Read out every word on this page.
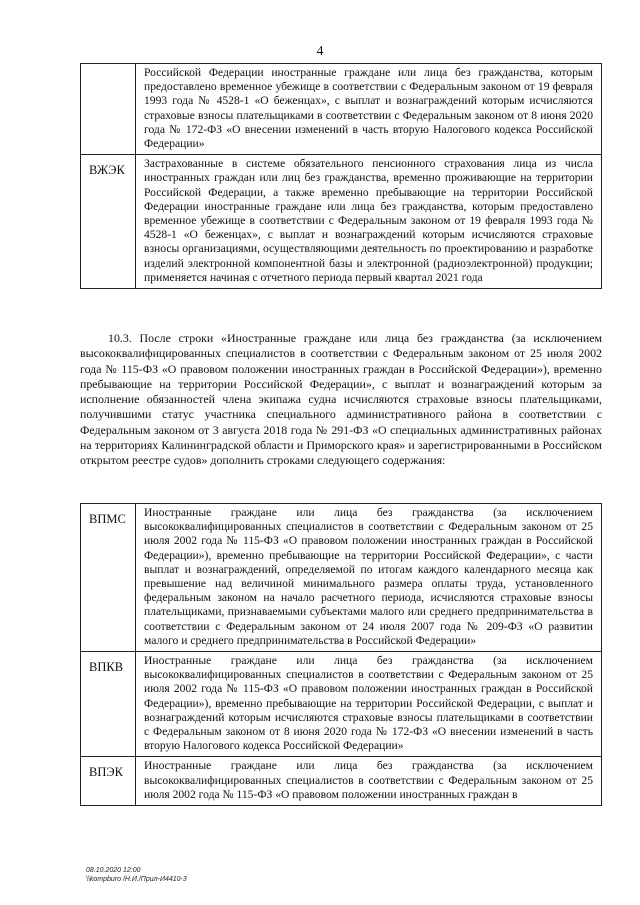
4
	Российской Федерации иностранные граждане или лица без гражданства, которым предоставлено временное убежище в соответствии с Федеральным законом от 19 февраля 1993 года № 4528-1 «О беженцах», с выплат и вознаграждений которым исчисляются страховые взносы плательщиками в соответствии с Федеральным законом от 8 июня 2020 года № 172-ФЗ «О внесении изменений в часть вторую Налогового кодекса Российской Федерации»
ВЖЭК	Застрахованные в системе обязательного пенсионного страхования лица из числа иностранных граждан или лиц без гражданства, временно проживающие на территории Российской Федерации, а также временно пребывающие на территории Российской Федерации иностранные граждане или лица без гражданства, которым предоставлено временное убежище в соответствии с Федеральным законом от 19 февраля 1993 года № 4528-1 «О беженцах», с выплат и вознаграждений которым исчисляются страховые взносы организациями, осуществляющими деятельность по проектированию и разработке изделий электронной компонентной базы и электронной (радиоэлектронной) продукции; применяется начиная с отчетного периода первый квартал 2021 года
10.3. После строки «Иностранные граждане или лица без гражданства (за исключением высококвалифицированных специалистов в соответствии с Федеральным законом от 25 июля 2002 года № 115-ФЗ «О правовом положении иностранных граждан в Российской Федерации»), временно пребывающие на территории Российской Федерации», с выплат и вознаграждений которым за исполнение обязанностей члена экипажа судна исчисляются страховые взносы плательщиками, получившими статус участника специального административного района в соответствии с Федеральным законом от 3 августа 2018 года № 291-ФЗ «О специальных административных районах на территориях Калининградской области и Приморского края» и зарегистрированными в Российском открытом реестре судов» дополнить строками следующего содержания:
ВПМС	Иностранные граждане или лица без гражданства (за исключением высококвалифицированных специалистов в соответствии с Федеральным законом от 25 июля 2002 года № 115-ФЗ «О правовом положении иностранных граждан в Российской Федерации»), временно пребывающие на территории Российской Федерации», с части выплат и вознаграждений, определяемой по итогам каждого календарного месяца как превышение над величиной минимального размера оплаты труда, установленного федеральным законом на начало расчетного периода, исчисляются страховые взносы плательщиками, признаваемыми субъектами малого или среднего предпринимательства в соответствии с Федеральным законом от 24 июля 2007 года № 209-ФЗ «О развитии малого и среднего предпринимательства в Российской Федерации»
ВПКВ	Иностранные граждане или лица без гражданства (за исключением высококвалифицированных специалистов в соответствии с Федеральным законом от 25 июля 2002 года № 115-ФЗ «О правовом положении иностранных граждан в Российской Федерации»), временно пребывающие на территории Российской Федерации, с выплат и вознаграждений которым исчисляются страховые взносы плательщиками в соответствии с Федеральным законом от 8 июня 2020 года № 172-ФЗ «О внесении изменений в часть вторую Налогового кодекса Российской Федерации»
ВПЭК	Иностранные граждане или лица без гражданства (за исключением высококвалифицированных специалистов в соответствии с Федеральным законом от 25 июля 2002 года № 115-ФЗ «О правовом положении иностранных граждан в
08.10.2020 12:00
\\kompburo /Н.И./Прил-И4410-3
